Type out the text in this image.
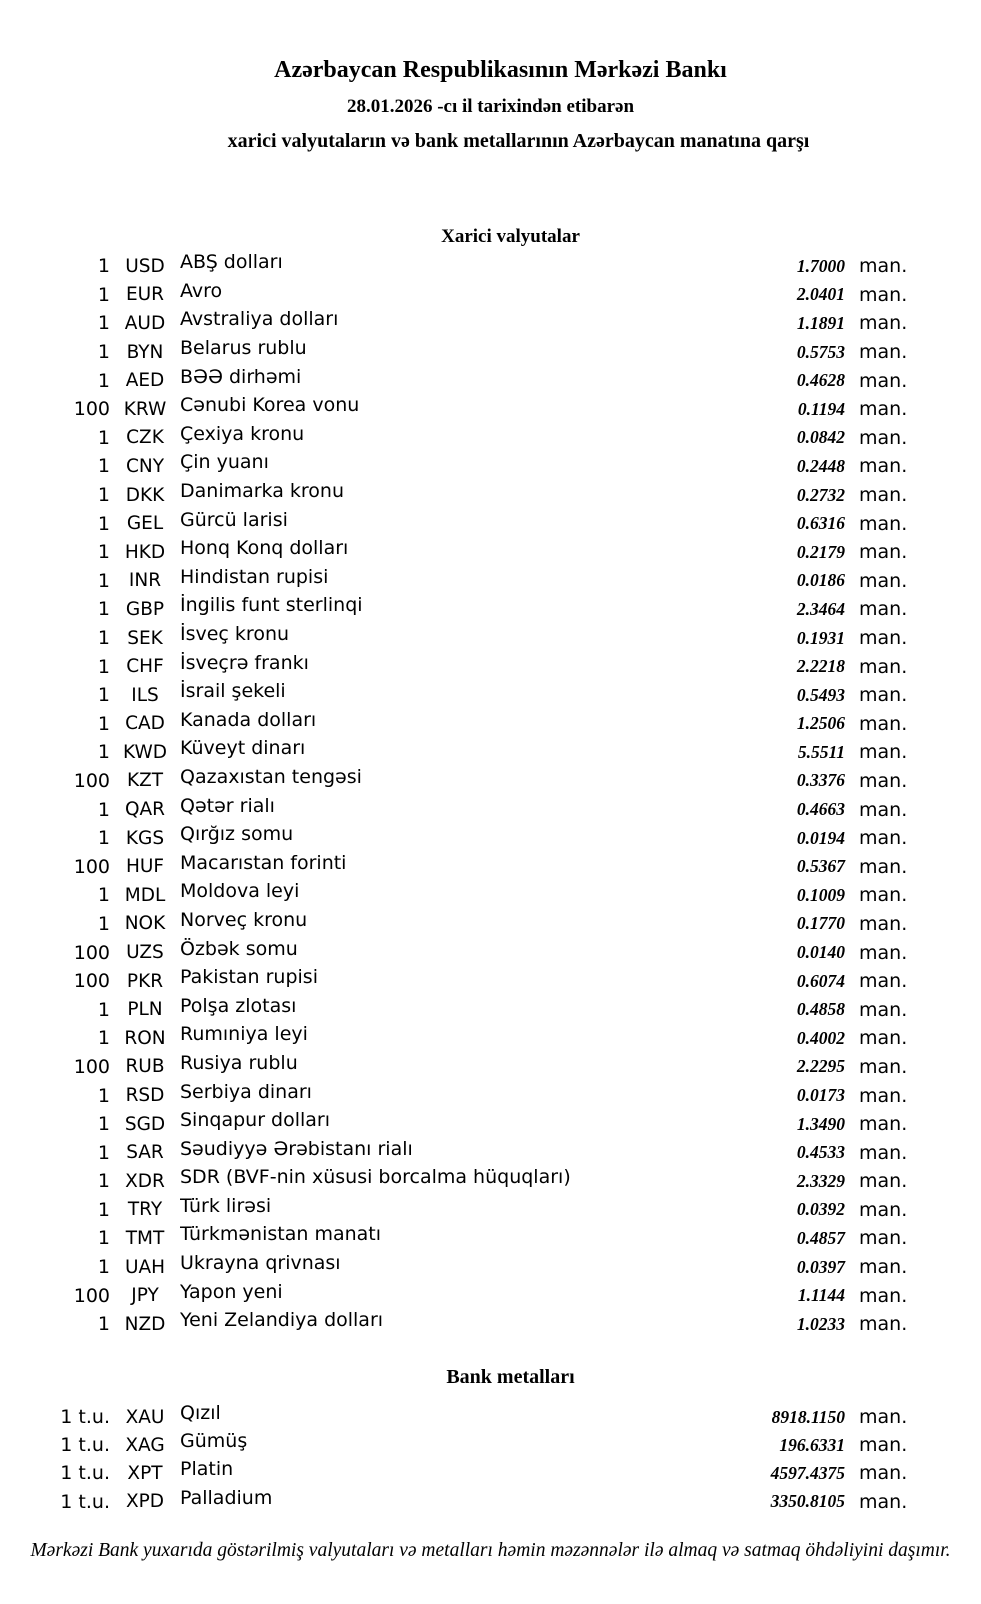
Azərbaycan Respublikasının Mərkəzi Bankı
28.01.2026 -cı il tarixindən etibarən
xarici valyutaların və bank metallarının Azərbaycan manatına qarşı
Xarici valyutalar
1 USD ABŞ dolları	1.7000 man.
1 EUR Avro	2.0401 man.
1 AUD Avstraliya dolları	1.1891 man.
1 BYN Belarus rublu	0.5753 man.
1 AED BƏƏ dirhəmi	0.4628 man.
100 KRW Cənubi Korea vonu	0.1194 man.
1 CZK Çexiya kronu	0.0842 man.
1 CNY Çin yuanı	0.2448 man.
1 DKK Danimarka kronu	0.2732 man.
1 GEL Gürcü larisi	0.6316 man.
1 HKD Honq Konq dolları	0.2179 man.
1	INR Hindistan rupisi	0.0186 man.
1 GBP İngilis funt sterlinqi	2.3464 man.
1 SEK İsveç kronu	0.1931 man.
1 CHF İsveçrə frankı	2.2218 man.
1	ILS	İsrail şekeli	0.5493 man.
1 CAD Kanada dolları	1.2506 man.
1 KWD Küveyt dinarı	5.5511 man.
100 KZT Qazaxıstan tengəsi	0.3376 man.
1 QAR Qətər rialı	0.4663 man.
1 KGS Qırğız somu	0.0194 man.
100 HUF Macarıstan forinti	0.5367 man.
1 MDL Moldova leyi	0.1009 man.
1 NOK Norveç kronu	0.1770 man.
100 UZS Özbək somu	0.0140 man.
100 PKR Pakistan rupisi	0.6074 man.
1 PLN Polşa zlotası	0.4858 man.
1 RON Rumıniya leyi	0.4002 man.
100 RUB Rusiya rublu	2.2295 man.
1 RSD Serbiya dinarı	0.0173 man.
1 SGD Sinqapur dolları	1.3490 man.
1 SAR Səudiyyə Ərəbistanı rialı	0.4533 man.
1 XDR SDR (BVF-nin xüsusi borcalma hüquqları)	2.3329 man.
1 TRY Türk lirəsi	0.0392 man.
1 TMT Türkmənistan manatı	0.4857 man.
1 UAH Ukrayna qrivnası	0.0397 man.
100	JPY	Yapon yeni	1.1144 man.
1 NZD Yeni Zelandiya dolları	1.0233 man.
Bank metalları
1 t.u. XAU Qızıl	8918.1150 man.
1 t.u. XAG Gümüş	196.6331 man.
1 t.u. XPT Platin	4597.4375 man.
1 t.u. XPD Palladium	3350.8105 man.
Mərkəzi Bank yuxarıda göstərilmiş valyutaları və metalları həmin məzənnələr ilə almaq və satmaq öhdəliyini daşımır.
